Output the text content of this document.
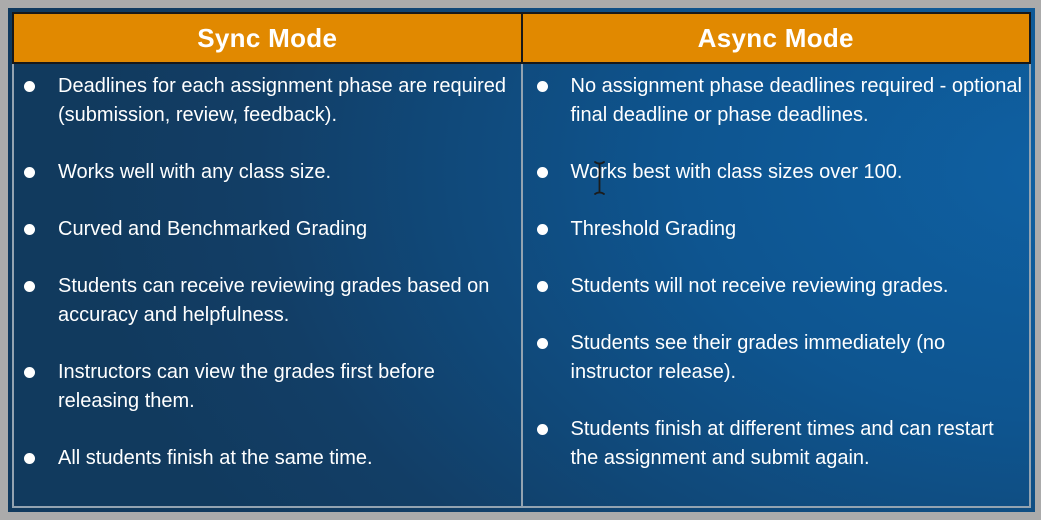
Sync Mode	Async Mode
Deadlines for each assignment phase are required (submission, review, feedback).
Works well with any class size.
Curved and Benchmarked Grading
Students can receive reviewing grades based on accuracy and helpfulness.
Instructors can view the grades first before releasing them.
All students finish at the same time.
No assignment phase deadlines required - optional final deadline or phase deadlines.
Works best with class sizes over 100.
Threshold Grading
Students will not receive reviewing grades.
Students see their grades immediately (no instructor release).
Students finish at different times and can restart the assignment and submit again.
